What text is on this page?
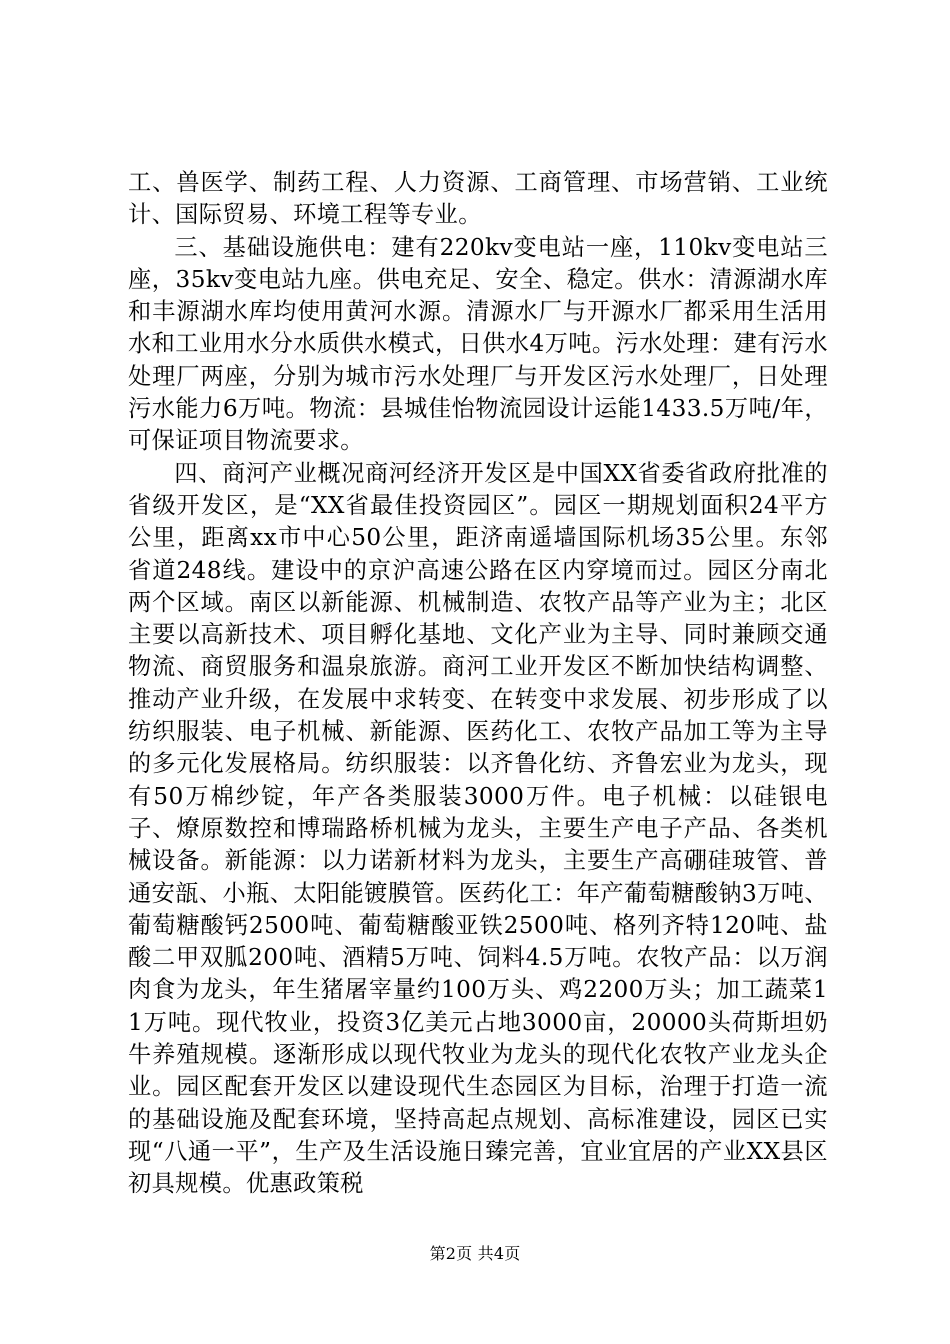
工、兽医学、制药工程、人力资源、工商管理、市场营销、工业统计、国际贸易、环境工程等专业。

三、基础设施供电：建有220kv变电站一座，110kv变电站三座，35kv变电站九座。供电充足、安全、稳定。供水：清源湖水库和丰源湖水库均使用黄河水源。清源水厂与开源水厂都采用生活用水和工业用水分水质供水模式，日供水4万吨。污水处理：建有污水处理厂两座，分别为城市污水处理厂与开发区污水处理厂，日处理污水能力6万吨。物流：县城佳怡物流园设计运能1433.5万吨/年，可保证项目物流要求。

四、商河产业概况商河经济开发区是中国XX省委省政府批准的省级开发区，是“XX省最佳投资园区”。园区一期规划面积24平方公里，距离xx市中心50公里，距济南遥墙国际机场35公里。东邻省道248线。建设中的京沪高速公路在区内穿境而过。园区分南北两个区域。南区以新能源、机械制造、农牧产品等产业为主；北区主要以高新技术、项目孵化基地、文化产业为主导、同时兼顾交通物流、商贸服务和温泉旅游。商河工业开发区不断加快结构调整、推动产业升级，在发展中求转变、在转变中求发展、初步形成了以纺织服装、电子机械、新能源、医药化工、农牧产品加工等为主导的多元化发展格局。纺织服装：以齐鲁化纺、齐鲁宏业为龙头，现有50万棉纱锭，年产各类服装3000万件。电子机械：以硅银电子、燎原数控和博瑞路桥机械为龙头，主要生产电子产品、各类机械设备。新能源：以力诺新材料为龙头，主要生产高硼硅玻管、普通安瓿、小瓶、太阳能镀膜管。医药化工：年产葡萄糖酸钠3万吨、葡萄糖酸钙2500吨、葡萄糖酸亚铁2500吨、格列齐特120吨、盐酸二甲双胍200吨、酒精5万吨、饲料4.5万吨。农牧产品：以万润肉食为龙头，年生猪屠宰量约100万头、鸡2200万头；加工蔬菜11万吨。现代牧业，投资3亿美元占地3000亩，20000头荷斯坦奶牛养殖规模。逐渐形成以现代牧业为龙头的现代化农牧产业龙头企业。园区配套开发区以建设现代生态园区为目标，治理于打造一流的基础设施及配套环境，坚持高起点规划、高标准建设，园区已实现“八通一平”，生产及生活设施日臻完善，宜业宜居的产业XX县区初具规模。优惠政策税

第2页 共4页
